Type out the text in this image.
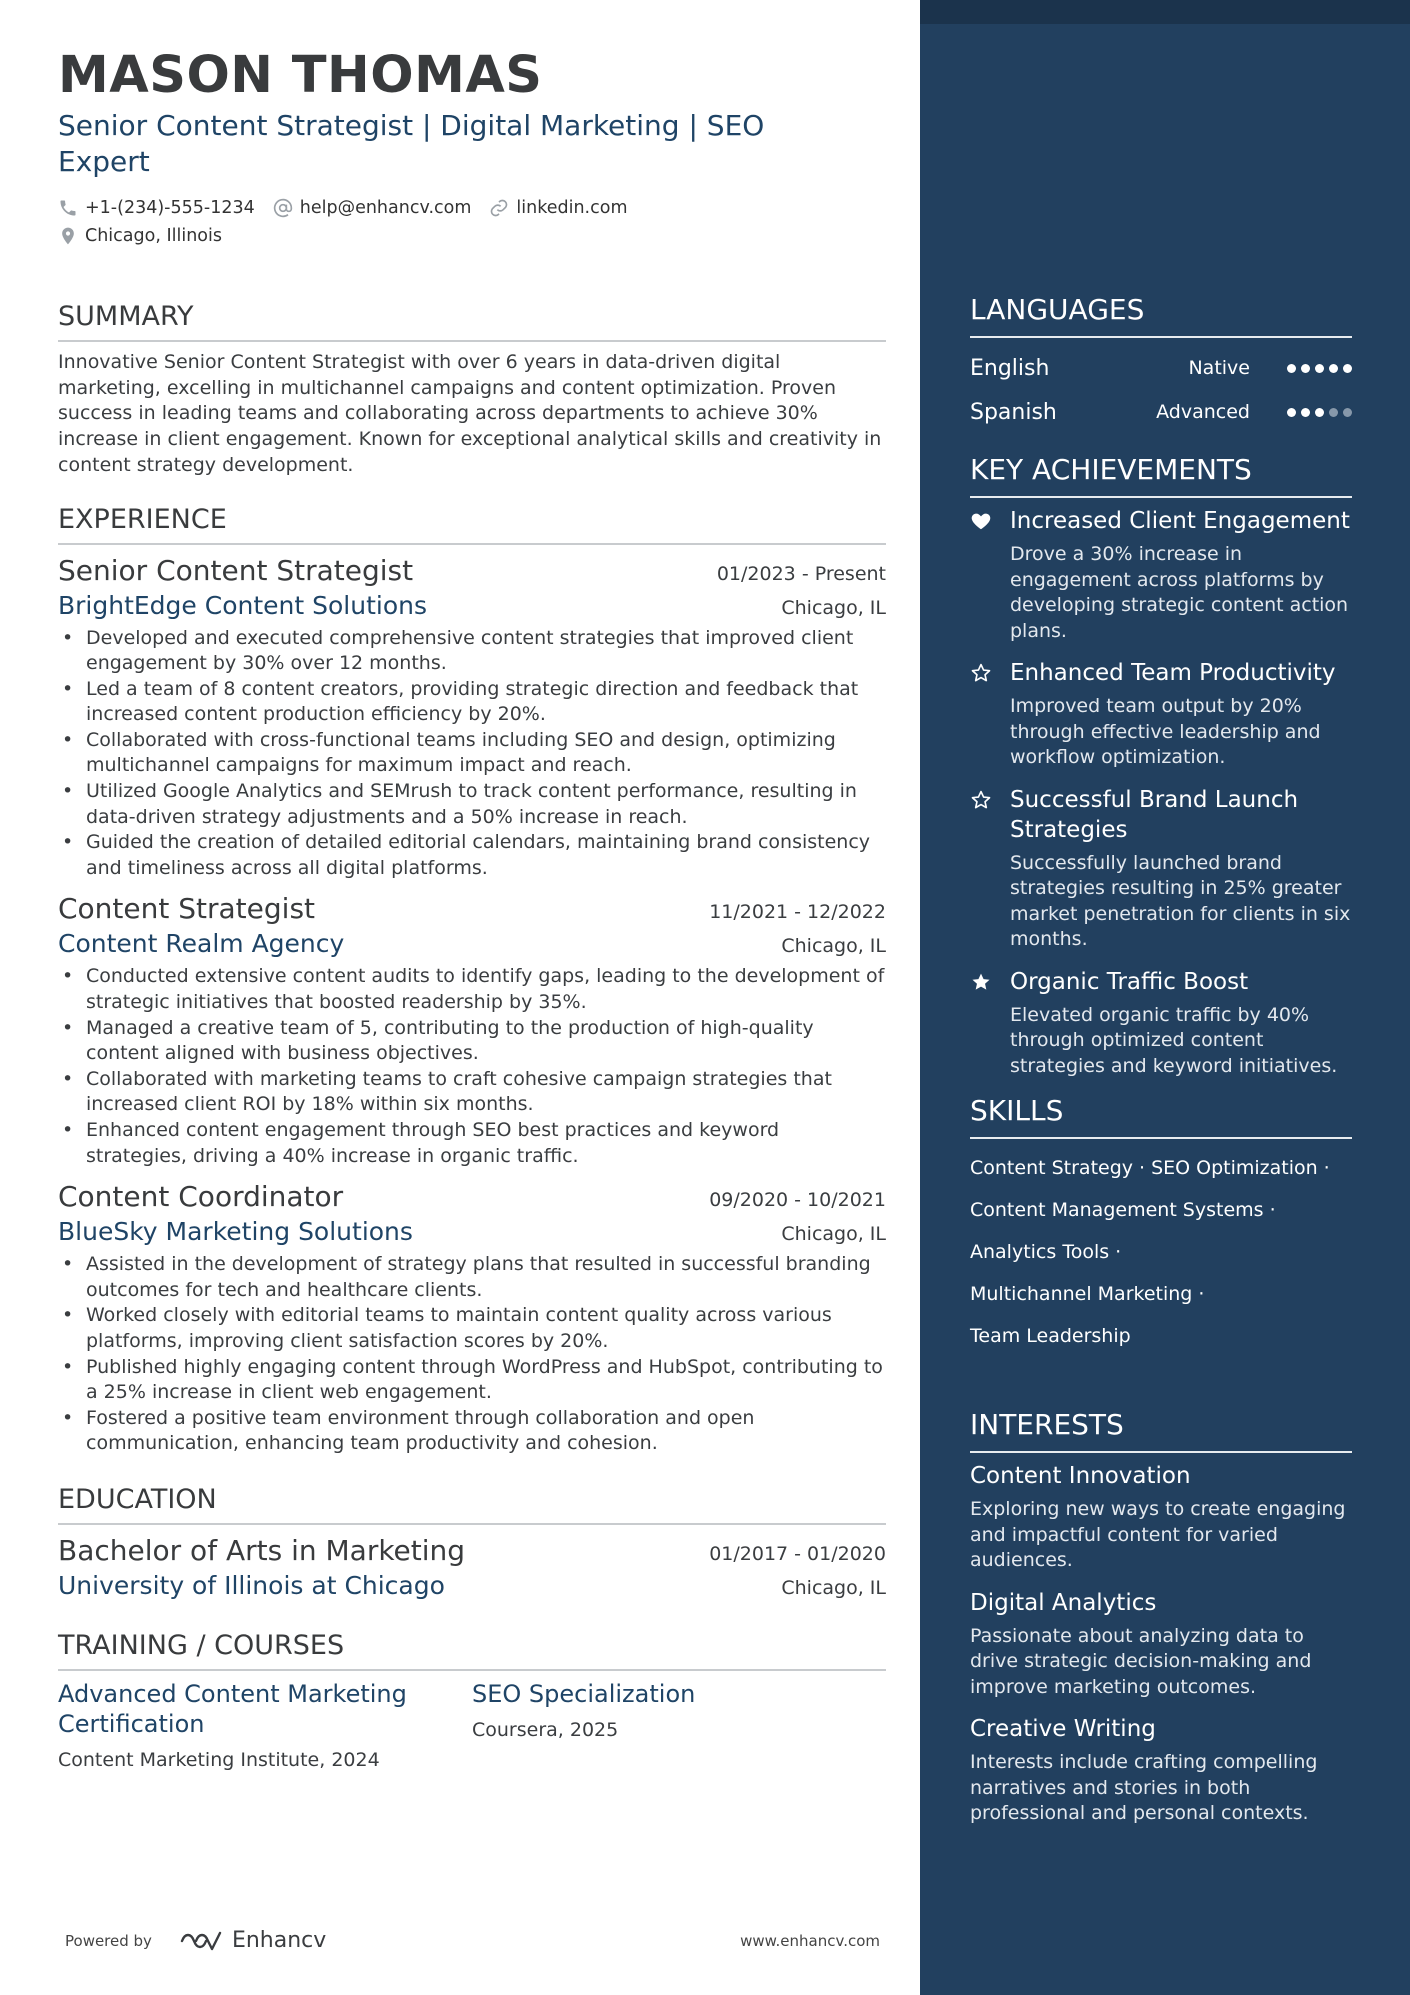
MASON THOMAS
Senior Content Strategist | Digital Marketing | SEO Expert
+1-(234)-555-1234	help@enhancv.com	linkedin.com
Chicago, Illinois
SUMMARY
Innovative Senior Content Strategist with over 6 years in data-driven digital marketing, excelling in multichannel campaigns and content optimization. Proven success in leading teams and collaborating across departments to achieve 30% increase in client engagement. Known for exceptional analytical skills and creativity in content strategy development.
EXPERIENCE
Senior Content Strategist	01/2023 - Present
BrightEdge Content Solutions	Chicago, IL
• Developed and executed comprehensive content strategies that improved client engagement by 30% over 12 months.
• Led a team of 8 content creators, providing strategic direction and feedback that increased content production efficiency by 20%.
• Collaborated with cross-functional teams including SEO and design, optimizing multichannel campaigns for maximum impact and reach.
• Utilized Google Analytics and SEMrush to track content performance, resulting in data-driven strategy adjustments and a 50% increase in reach.
• Guided the creation of detailed editorial calendars, maintaining brand consistency and timeliness across all digital platforms.
Content Strategist	11/2021 - 12/2022
Content Realm Agency	Chicago, IL
• Conducted extensive content audits to identify gaps, leading to the development of strategic initiatives that boosted readership by 35%.
• Managed a creative team of 5, contributing to the production of high-quality content aligned with business objectives.
• Collaborated with marketing teams to craft cohesive campaign strategies that increased client ROI by 18% within six months.
• Enhanced content engagement through SEO best practices and keyword strategies, driving a 40% increase in organic traffic.
Content Coordinator	09/2020 - 10/2021
BlueSky Marketing Solutions	Chicago, IL
• Assisted in the development of strategy plans that resulted in successful branding outcomes for tech and healthcare clients.
• Worked closely with editorial teams to maintain content quality across various platforms, improving client satisfaction scores by 20%.
• Published highly engaging content through WordPress and HubSpot, contributing to a 25% increase in client web engagement.
• Fostered a positive team environment through collaboration and open communication, enhancing team productivity and cohesion.
EDUCATION
Bachelor of Arts in Marketing	01/2017 - 01/2020
University of Illinois at Chicago	Chicago, IL
TRAINING / COURSES
Advanced Content Marketing Certification
Content Marketing Institute, 2024
SEO Specialization
Coursera, 2025
Powered by	Enhancv	www.enhancv.com
LANGUAGES
English	Native
Spanish	Advanced
KEY ACHIEVEMENTS
Increased Client Engagement
Drove a 30% increase in engagement across platforms by developing strategic content action plans.
Enhanced Team Productivity
Improved team output by 20% through effective leadership and workflow optimization.
Successful Brand Launch Strategies
Successfully launched brand strategies resulting in 25% greater market penetration for clients in six months.
Organic Traffic Boost
Elevated organic traffic by 40% through optimized content strategies and keyword initiatives.
SKILLS
Content Strategy · SEO Optimization ·
Content Management Systems ·
Analytics Tools ·
Multichannel Marketing ·
Team Leadership
INTERESTS
Content Innovation
Exploring new ways to create engaging and impactful content for varied audiences.
Digital Analytics
Passionate about analyzing data to drive strategic decision-making and improve marketing outcomes.
Creative Writing
Interests include crafting compelling narratives and stories in both professional and personal contexts.
